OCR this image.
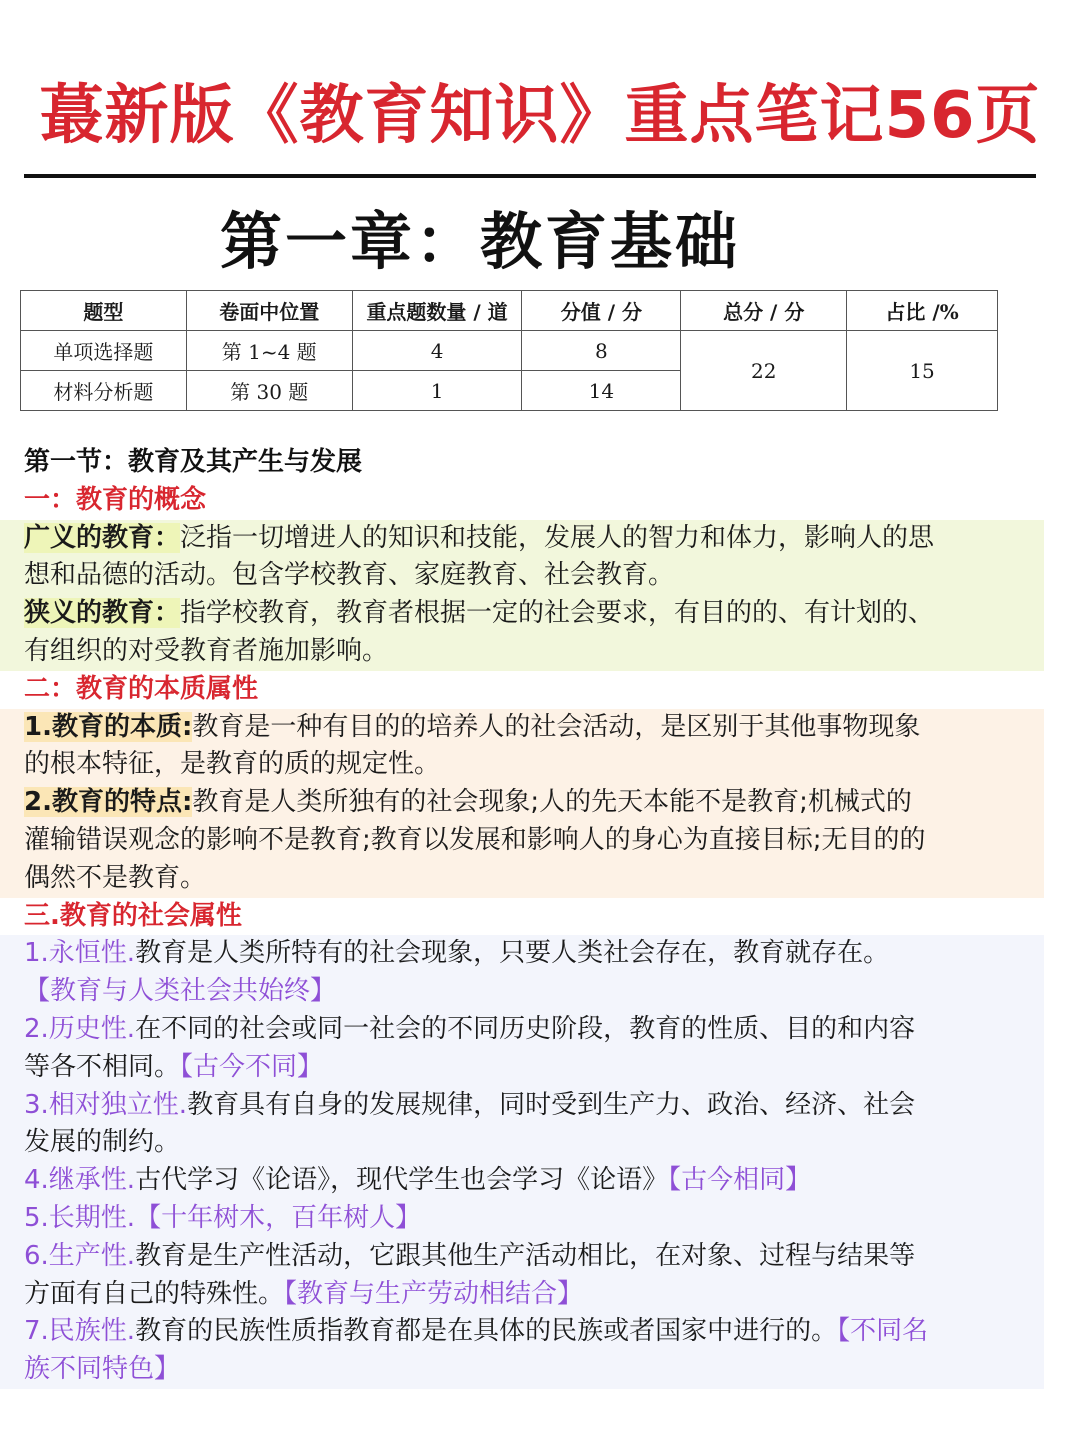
蕞新版《教育知识》重点笔记56页
第一章：教育基础
题型	卷面中位置	重点题数量 / 道	分值 / 分	总分 / 分	占比 /%
单项选择题	第 1~4 题	4	8	22	15
材料分析题	第 30 题	1	14		
第一节：教育及其产生与发展
一：教育的概念
广义的教育：泛指一切增进人的知识和技能，发展人的智力和体力，影响人的思
想和品德的活动。包含学校教育、家庭教育、社会教育。
狭义的教育：指学校教育，教育者根据一定的社会要求，有目的的、有计划的、
有组织的对受教育者施加影响。
二：教育的本质属性
1.教育的本质:教育是一种有目的的培养人的社会活动，是区别于其他事物现象
的根本特征，是教育的质的规定性。
2.教育的特点:教育是人类所独有的社会现象;人的先天本能不是教育;机械式的
灌输错误观念的影响不是教育;教育以发展和影响人的身心为直接目标;无目的的
偶然不是教育。
三.教育的社会属性
1.永恒性.教育是人类所特有的社会现象，只要人类社会存在，教育就存在。
【教育与人类社会共始终】
2.历史性.在不同的社会或同一社会的不同历史阶段，教育的性质、目的和内容
等各不相同。【古今不同】
3.相对独立性.教育具有自身的发展规律，同时受到生产力、政治、经济、社会
发展的制约。
4.继承性.古代学习《论语》，现代学生也会学习《论语》【古今相同】
5.长期性.【十年树木，百年树人】
6.生产性.教育是生产性活动，它跟其他生产活动相比，在对象、过程与结果等
方面有自己的特殊性。【教育与生产劳动相结合】
7.民族性.教育的民族性质指教育都是在具体的民族或者国家中进行的。【不同名
族不同特色】
